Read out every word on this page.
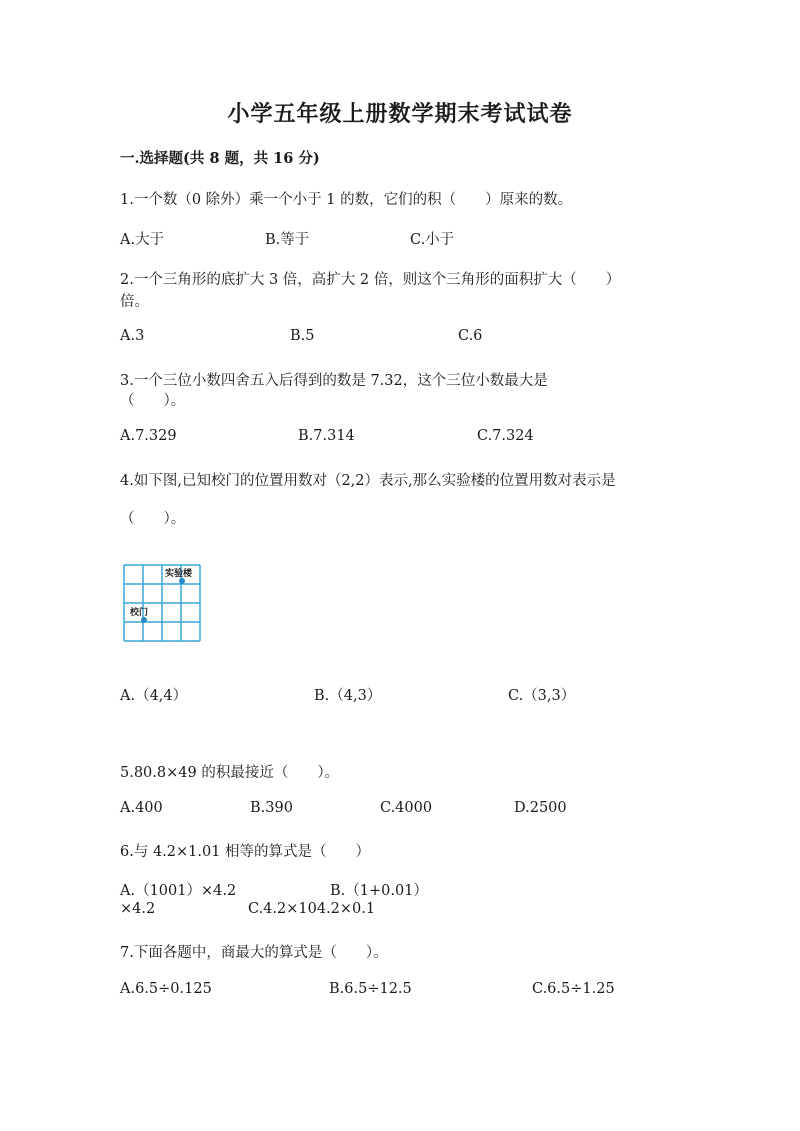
小学五年级上册数学期末考试试卷
一.选择题(共 8 题，共 16 分)
1.一个数（0 除外）乘一个小于 1 的数，它们的积（　　）原来的数。
A.大于	B.等于	C.小于
2.一个三角形的底扩大 3 倍，高扩大 2 倍，则这个三角形的面积扩大（　　）
倍。
A.3	B.5	C.6
3.一个三位小数四舍五入后得到的数是 7.32，这个三位小数最大是
（　　）。
A.7.329	B.7.314	C.7.324
4.如下图,已知校门的位置用数对（2,2）表示,那么实验楼的位置用数对表示是
（　　）。
实验楼
校门
A.（4,4）	B.（4,3）	C.（3,3）
5.80.8×49 的积最接近（　　）。
A.400	B.390	C.4000	D.2500
6.与 4.2×1.01 相等的算式是（　　）
A.（1001）×4.2	B.（1+0.01）
×4.2	C.4.2×104.2×0.1
7.下面各题中，商最大的算式是（　　）。
A.6.5÷0.125	B.6.5÷12.5	C.6.5÷1.25
